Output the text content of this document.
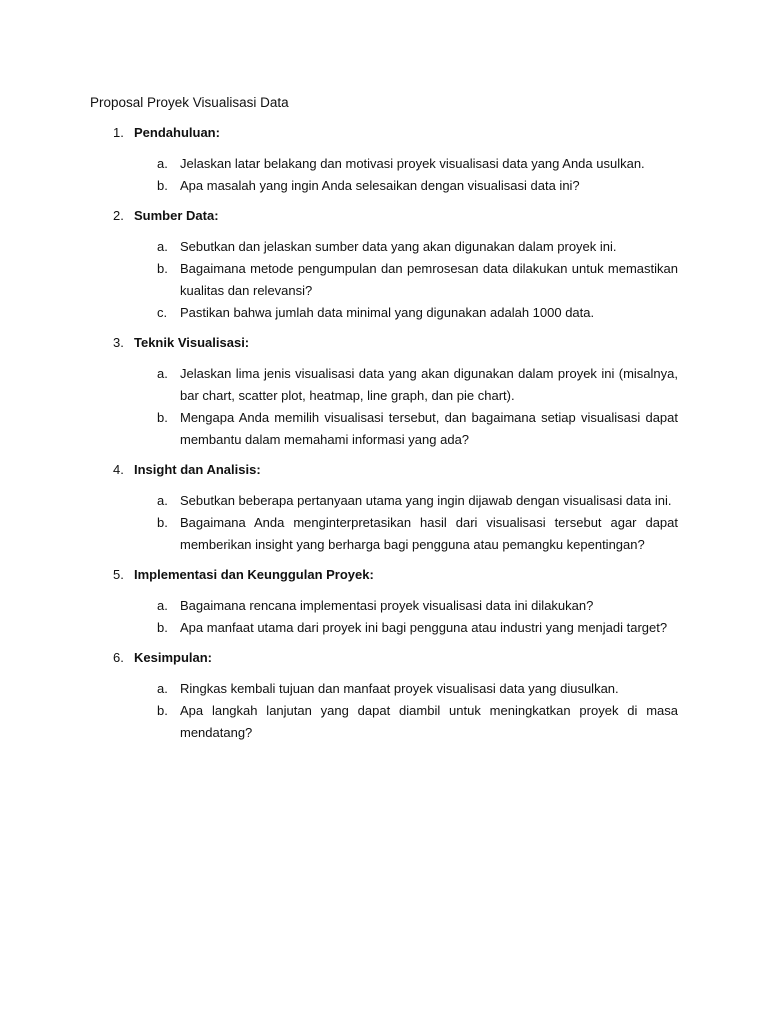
Proposal Proyek Visualisasi Data
1. Pendahuluan:
a. Jelaskan latar belakang dan motivasi proyek visualisasi data yang Anda usulkan.
b. Apa masalah yang ingin Anda selesaikan dengan visualisasi data ini?
2. Sumber Data:
a. Sebutkan dan jelaskan sumber data yang akan digunakan dalam proyek ini.
b. Bagaimana metode pengumpulan dan pemrosesan data dilakukan untuk memastikan kualitas dan relevansi?
c. Pastikan bahwa jumlah data minimal yang digunakan adalah 1000 data.
3. Teknik Visualisasi:
a. Jelaskan lima jenis visualisasi data yang akan digunakan dalam proyek ini (misalnya, bar chart, scatter plot, heatmap, line graph, dan pie chart).
b. Mengapa Anda memilih visualisasi tersebut, dan bagaimana setiap visualisasi dapat membantu dalam memahami informasi yang ada?
4. Insight dan Analisis:
a. Sebutkan beberapa pertanyaan utama yang ingin dijawab dengan visualisasi data ini.
b. Bagaimana Anda menginterpretasikan hasil dari visualisasi tersebut agar dapat memberikan insight yang berharga bagi pengguna atau pemangku kepentingan?
5. Implementasi dan Keunggulan Proyek:
a. Bagaimana rencana implementasi proyek visualisasi data ini dilakukan?
b. Apa manfaat utama dari proyek ini bagi pengguna atau industri yang menjadi target?
6. Kesimpulan:
a. Ringkas kembali tujuan dan manfaat proyek visualisasi data yang diusulkan.
b. Apa langkah lanjutan yang dapat diambil untuk meningkatkan proyek di masa mendatang?
